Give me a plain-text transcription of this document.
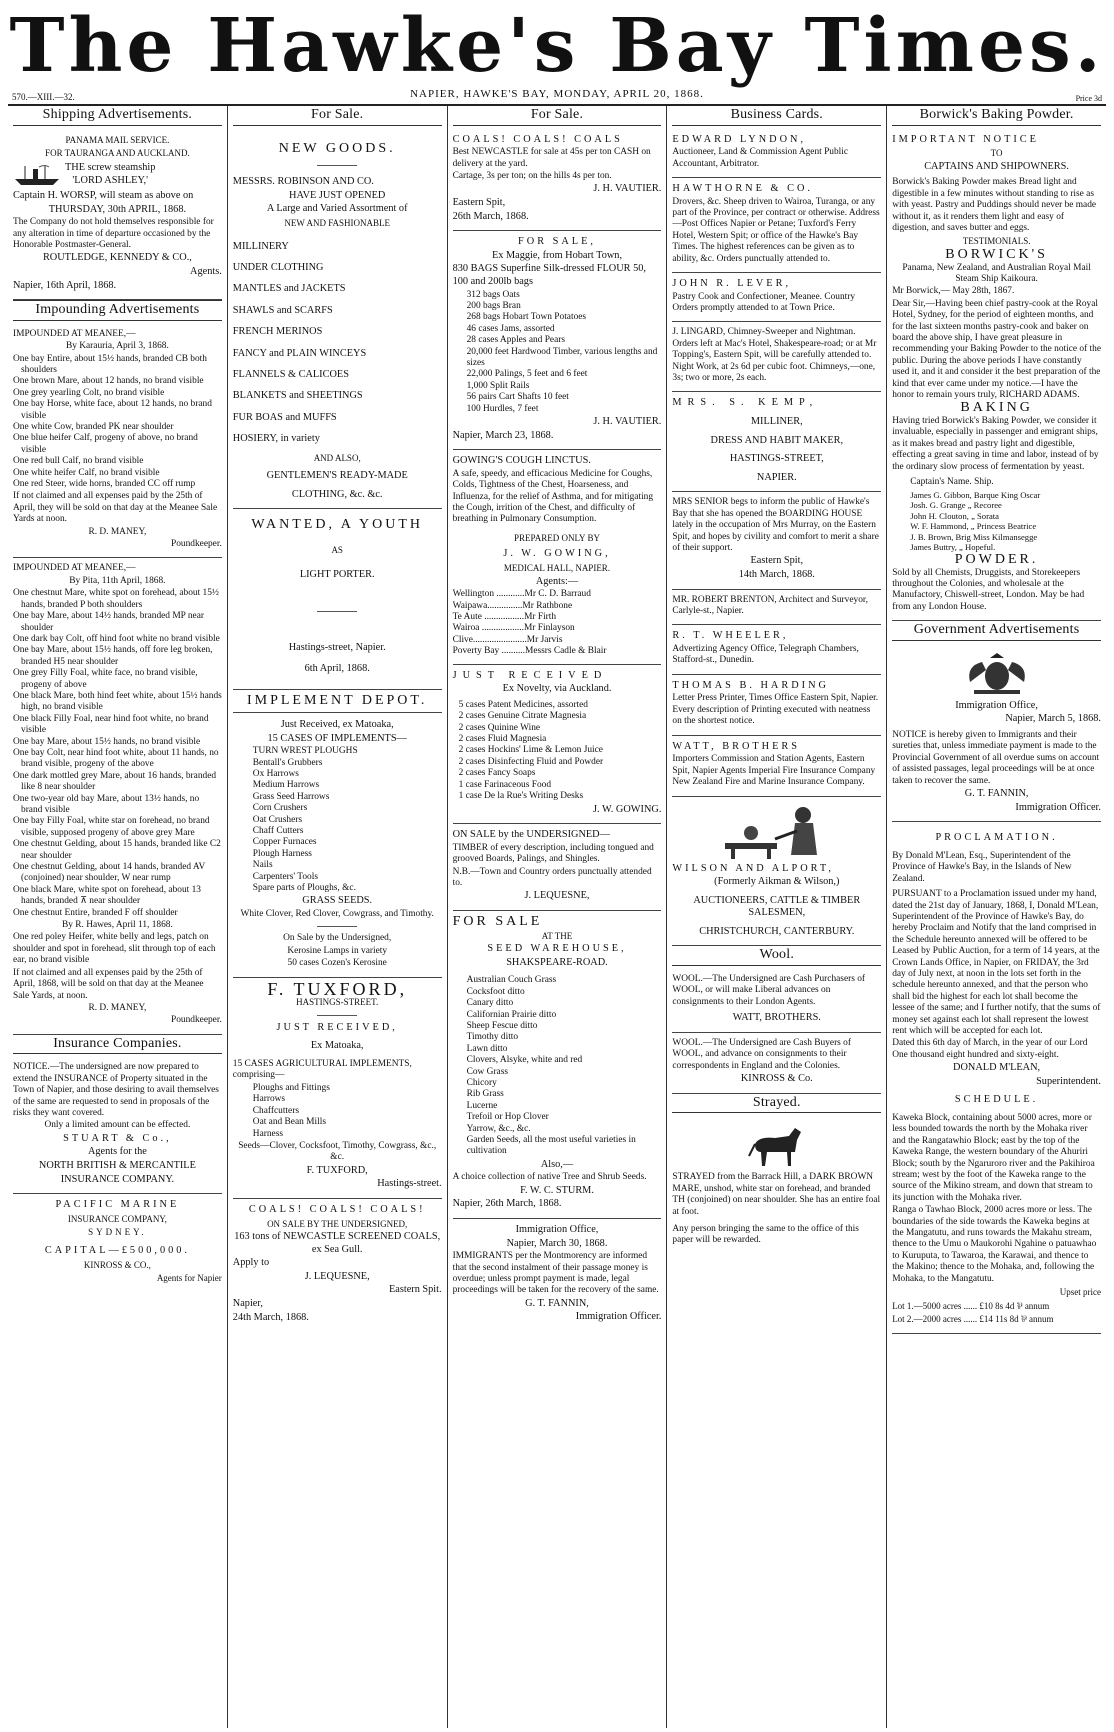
The Hawke's Bay Times.
570.—XIII.—32.	NAPIER, HAWKE'S BAY, MONDAY, APRIL 20, 1868.	Price 3d
Shipping Advertisements.

PANAMA MAIL SERVICE.

FOR TAURANGA AND AUCKLAND.

THE screw steamship

'LORD ASHLEY,'

Captain H. WORSP, will steam as above on

THURSDAY, 30th APRIL, 1868.

The Company do not hold themselves responsible for any alteration in time of departure occasioned by the Honorable Postmaster-General.

ROUTLEDGE, KENNEDY & CO.,

Agents.

Napier, 16th April, 1868.

Impounding Advertisements

IMPOUNDED AT MEANEE,—

By Karauria, April 3, 1868.

One bay Entire, about 15½ hands, branded CB both shoulders
One brown Mare, about 12 hands, no brand visible
One grey yearling Colt, no brand visible
One bay Horse, white face, about 12 hands, no brand visible
One white Cow, branded PK near shoulder
One blue heifer Calf, progeny of above, no brand visible
One red bull Calf, no brand visible
One white heifer Calf, no brand visible
One red Steer, wide horns, branded CC off rump

If not claimed and all expenses paid by the 25th of April, they will be sold on that day at the Meanee Sale Yards at noon.

R. D. MANEY,

Poundkeeper.

IMPOUNDED AT MEANEE,—

By Pita, 11th April, 1868.

One chestnut Mare, white spot on forehead, about 15½ hands, branded P both shoulders
One bay Mare, about 14½ hands, branded MP near shoulder
One dark bay Colt, off hind foot white no brand visible
One bay Mare, about 15½ hands, off fore leg broken, branded H5 near shoulder
One grey Filly Foal, white face, no brand visible, progeny of above
One black Mare, both hind feet white, about 15½ hands high, no brand visible
One black Filly Foal, near hind foot white, no brand visible
One bay Mare, about 15½ hands, no brand visible
One bay Colt, near hind foot white, about 11 hands, no brand visible, progeny of the above
One dark mottled grey Mare, about 16 hands, branded like 8 near shoulder
One two-year old bay Mare, about 13½ hands, no brand visible
One bay Filly Foal, white star on forehead, no brand visible, supposed progeny of above grey Mare
One chestnut Gelding, about 15 hands, branded like C2 near shoulder
One chestnut Gelding, about 14 hands, branded AV (conjoined) near shoulder, W near rump
One black Mare, white spot on forehead, about 13 hands, branded ⊼ near shoulder
One chestnut Entire, branded F off shoulder

By R. Hawes, April 11, 1868.

One red poley Heifer, white belly and legs, patch on shoulder and spot in forehead, slit through top of each ear, no brand visible

If not claimed and all expenses paid by the 25th of April, 1868, will be sold on that day at the Meanee Sale Yards, at noon.

R. D. MANEY,

Poundkeeper.

Insurance Companies.

NOTICE.—The undersigned are now prepared to extend the INSURANCE of Property situated in the Town of Napier, and those desiring to avail themselves of the same are requested to send in proposals of the risks they want covered.

Only a limited amount can be effected.

STUART & Co.,

Agents for the

NORTH BRITISH & MERCANTILE

INSURANCE COMPANY.

PACIFIC MARINE

INSURANCE COMPANY,

SYDNEY.

CAPITAL—£500,000.

KINROSS & CO.,

Agents for Napier

For Sale.

NEW GOODS.

MESSRS. ROBINSON AND CO.

HAVE JUST OPENED

A Large and Varied Assortment of

NEW AND FASHIONABLE

MILLINERY
UNDER CLOTHING
MANTLES and JACKETS
SHAWLS and SCARFS
FRENCH MERINOS
FANCY and PLAIN WINCEYS
FLANNELS & CALICOES
BLANKETS and SHEETINGS
FUR BOAS and MUFFS
HOSIERY, in variety

AND ALSO,

GENTLEMEN'S READY-MADE

CLOTHING, &c. &c.

WANTED, A YOUTH

AS

LIGHT PORTER.

Hastings-street, Napier.

6th April, 1868.

IMPLEMENT DEPOT.

Just Received, ex Matoaka,

15 CASES OF IMPLEMENTS—

TURN WREST PLOUGHS
Bentall's Grubbers
Ox Harrows
Medium Harrows
Grass Seed Harrows
Corn Crushers
Oat Crushers
Chaff Cutters
Copper Furnaces
Plough Harness
Nails
Carpenters' Tools
Spare parts of Ploughs, &c.

GRASS SEEDS.

White Clover, Red Clover, Cowgrass, and Timothy.

On Sale by the Undersigned,

Kerosine Lamps in variety

50 cases Cozen's Kerosine

F. TUXFORD,

HASTINGS-STREET.

JUST RECEIVED,

Ex Matoaka,

15 CASES AGRICULTURAL IMPLEMENTS, comprising—

Ploughs and Fittings
Harrows
Chaffcutters
Oat and Bean Mills
Harness

Seeds—Clover, Cocksfoot, Timothy, Cowgrass, &c., &c.

F. TUXFORD,

Hastings-street.

COALS! COALS! COALS!

ON SALE BY THE UNDERSIGNED,

163 tons of NEWCASTLE SCREENED COALS, ex Sea Gull.

Apply to

J. LEQUESNE,

Eastern Spit.

Napier,

24th March, 1868.

For Sale.

COALS! COALS! COALS

Best NEWCASTLE for sale at 45s per ton CASH on delivery at the yard.

Cartage, 3s per ton; on the hills 4s per ton.

J. H. VAUTIER.

Eastern Spit,

26th March, 1868.

FOR SALE,

Ex Maggie, from Hobart Town,

830 BAGS Superfine Silk-dressed FLOUR 50, 100 and 200lb bags

312 bags Oats
200 bags Bran
268 bags Hobart Town Potatoes
46 cases Jams, assorted
28 cases Apples and Pears
20,000 feet Hardwood Timber, various lengths and sizes
22,000 Palings, 5 feet and 6 feet
1,000 Split Rails
56 pairs Cart Shafts 10 feet
100 Hurdles, 7 feet

J. H. VAUTIER.

Napier, March 23, 1868.

GOWING'S COUGH LINCTUS.

A safe, speedy, and efficacious Medicine for Coughs, Colds, Tightness of the Chest, Hoarseness, and Influenza, for the relief of Asthma, and for mitigating the Cough, irrition of the Chest, and difficulty of breathing in Pulmonary Consumption.

PREPARED ONLY BY

J. W. GOWING,

MEDICAL HALL, NAPIER.

Agents:—

Wellington ............Mr C. D. Barraud
Waipawa...............Mr Rathbone
Te Aute .................Mr Firth
Wairoa ..................Mr Finlayson
Clive.......................Mr Jarvis
Poverty Bay ..........Messrs Cadle & Blair

JUST RECEIVED

Ex Novelty, via Auckland.

5 cases Patent Medicines, assorted
2 cases Genuine Citrate Magnesia
2 cases Quinine Wine
2 cases Fluid Magnesia
2 cases Hockins' Lime & Lemon Juice
2 cases Disinfecting Fluid and Powder
2 cases Fancy Soaps
1 case Farinaceous Food
1 case De la Rue's Writing Desks

J. W. GOWING.

ON SALE by the UNDERSIGNED—

TIMBER of every description, including tongued and grooved Boards, Palings, and Shingles.

N.B.—Town and Country orders punctually attended to.

J. LEQUESNE,

FOR SALE

AT THE

SEED WAREHOUSE,

SHAKSPEARE-ROAD.

Australian Couch Grass
Cocksfoot ditto
Canary ditto
Californian Prairie ditto
Sheep Fescue ditto
Timothy ditto
Lawn ditto
Clovers, Alsyke, white and red
Cow Grass
Chicory
Rib Grass
Lucerne
Trefoil or Hop Clover
Yarrow, &c., &c.
Garden Seeds, all the most useful varieties in cultivation

Also,—

A choice collection of native Tree and Shrub Seeds.

F. W. C. STURM.

Napier, 26th March, 1868.

Immigration Office,

Napier, March 30, 1868.

IMMIGRANTS per the Montmorency are informed that the second instalment of their passage money is overdue; unless prompt payment is made, legal proceedings will be taken for the recovery of the same.

G. T. FANNIN,

Immigration Officer.

Business Cards.

EDWARD LYNDON,

Auctioneer, Land & Commission Agent Public Accountant, Arbitrator.

HAWTHORNE & CO.

Drovers, &c. Sheep driven to Wairoa, Turanga, or any part of the Province, per contract or otherwise. Address—Post Offices Napier or Petane; Tuxford's Ferry Hotel, Western Spit; or office of the Hawke's Bay Times. The highest references can be given as to ability, &c. Orders punctually attended to.

JOHN R. LEVER,

Pastry Cook and Confectioner, Meanee. Country Orders promptly attended to at Town Price.

J. LINGARD, Chimney-Sweeper and Nightman. Orders left at Mac's Hotel, Shakespeare-road; or at Mr Topping's, Eastern Spit, will be carefully attended to. Night Work, at 2s 6d per cubic foot. Chimneys,—one, 3s; two or more, 2s each.

MRS. S. KEMP,

MILLINER,

DRESS AND HABIT MAKER,

HASTINGS-STREET,

NAPIER.

MRS SENIOR begs to inform the public of Hawke's Bay that she has opened the BOARDING HOUSE lately in the occupation of Mrs Murray, on the Eastern Spit, and hopes by civility and comfort to merit a share of their support.

Eastern Spit,

14th March, 1868.

MR. ROBERT BRENTON, Architect and Surveyor, Carlyle-st., Napier.

R. T. WHEELER,

Advertizing Agency Office, Telegraph Chambers, Stafford-st., Dunedin.

THOMAS B. HARDING

Letter Press Printer, Times Office Eastern Spit, Napier. Every description of Printing executed with neatness on the shortest notice.

WATT, BROTHERS

Importers Commission and Station Agents, Eastern Spit, Napier Agents Imperial Fire Insurance Company New Zealand Fire and Marine Insurance Company.

WILSON AND ALPORT,

(Formerly Aikman & Wilson,)

AUCTIONEERS, CATTLE & TIMBER SALESMEN,

CHRISTCHURCH, CANTERBURY.

Wool.

WOOL.—The Undersigned are Cash Purchasers of WOOL, or will make Liberal advances on consignments to their London Agents.

WATT, BROTHERS.

WOOL.—The Undersigned are Cash Buyers of WOOL, and advance on consignments to their correspondents in England and the Colonies.

KINROSS & Co.

Strayed.

STRAYED from the Barrack Hill, a DARK BROWN MARE, unshod, white star on forehead, and branded TH (conjoined) on near shoulder. She has an entire foal at foot.

Any person bringing the same to the office of this paper will be rewarded.

Borwick's Baking Powder.

IMPORTANT NOTICE

TO

CAPTAINS AND SHIPOWNERS.

Borwick's Baking Powder makes Bread light and digestible in a few minutes without standing to rise as with yeast. Pastry and Puddings should never be made without it, as it renders them light and easy of digestion, and saves butter and eggs.

TESTIMONIALS.

BORWICK'S

Panama, New Zealand, and Australian Royal Mail Steam Ship Kaikoura.

Mr Borwick,— May 28th, 1867.

Dear Sir,—Having been chief pastry-cook at the Royal Hotel, Sydney, for the period of eighteen months, and for the last sixteen months pastry-cook and baker on board the above ship, I have great pleasure in recommending your Baking Powder to the notice of the public. During the above periods I have constantly used it, and it and consider it the best preparation of the kind that ever came under my notice.—I have the honor to remain yours truly, RICHARD ADAMS.

BAKING

Having tried Borwick's Baking Powder, we consider it invaluable, especially in passenger and emigrant ships, as it makes bread and pastry light and digestible, effecting a great saving in time and labor, instead of by the ordinary slow process of fermentation by yeast.

Captain's Name. Ship.

James G. Gibbon, Barque King Oscar
Josh. G. Grange „ Recoree
John H. Clouton, „ Sorata
W. F. Hammond, „ Princess Beatrice
J. B. Brown, Brig Miss Kilmansegge
James Buttry, „ Hopeful.

POWDER.

Sold by all Chemists, Druggists, and Storekeepers throughout the Colonies, and wholesale at the Manufactory, Chiswell-street, London. May be had from any London House.

Government Advertisements

Immigration Office,

Napier, March 5, 1868.

NOTICE is hereby given to Immigrants and their sureties that, unless immediate payment is made to the Provincial Government of all overdue sums on account of assisted passages, legal proceedings will be at once taken to recover the same.

G. T. FANNIN,

Immigration Officer.

PROCLAMATION.

By Donald M'Lean, Esq., Superintendent of the Province of Hawke's Bay, in the Islands of New Zealand.

PURSUANT to a Proclamation issued under my hand, dated the 21st day of January, 1868, I, Donald M'Lean, Superintendent of the Province of Hawke's Bay, do hereby Proclaim and Notify that the land comprised in the Schedule hereunto annexed will be offered to be Leased by Public Auction, for a term of 14 years, at the Crown Lands Office, in Napier, on FRIDAY, the 3rd day of July next, at noon in the lots set forth in the schedule hereunto annexed, and that the person who shall bid the highest for each lot shall become the lessee of the same; and I further notify, that the sums of money set against each lot shall represent the lowest rent which will be accepted for each lot.

Dated this 6th day of March, in the year of our Lord One thousand eight hundred and sixty-eight.

DONALD M'LEAN,

Superintendent.

SCHEDULE.

Kaweka Block, containing about 5000 acres, more or less bounded towards the north by the Mohaka river and the Rangatawhio Block; east by the top of the Kaweka Range, the western boundary of the Ahuriri Block; south by the Ngaruroro river and the Pakihiroa stream; west by the foot of the Kaweka range to the source of the Mikino stream, and down that stream to its junction with the Mohaka river.

Ranga o Tawhao Block, 2000 acres more or less. The boundaries of the side towards the Kaweka begins at the Mangatutu, and runs towards the Makahu stream, thence to the Umu o Maukorohi Ngahine o patuawhao to Kuruputa, to Tawaroa, the Karawai, and thence to the Makino; thence to the Mohaka, and, following the Mohaka, to the Mangatutu.

Upset price

Lot 1.—5000 acres ...... £10 8s 4d ⅌ annum

Lot 2.—2000 acres ...... £14 11s 8d ⅌ annum
